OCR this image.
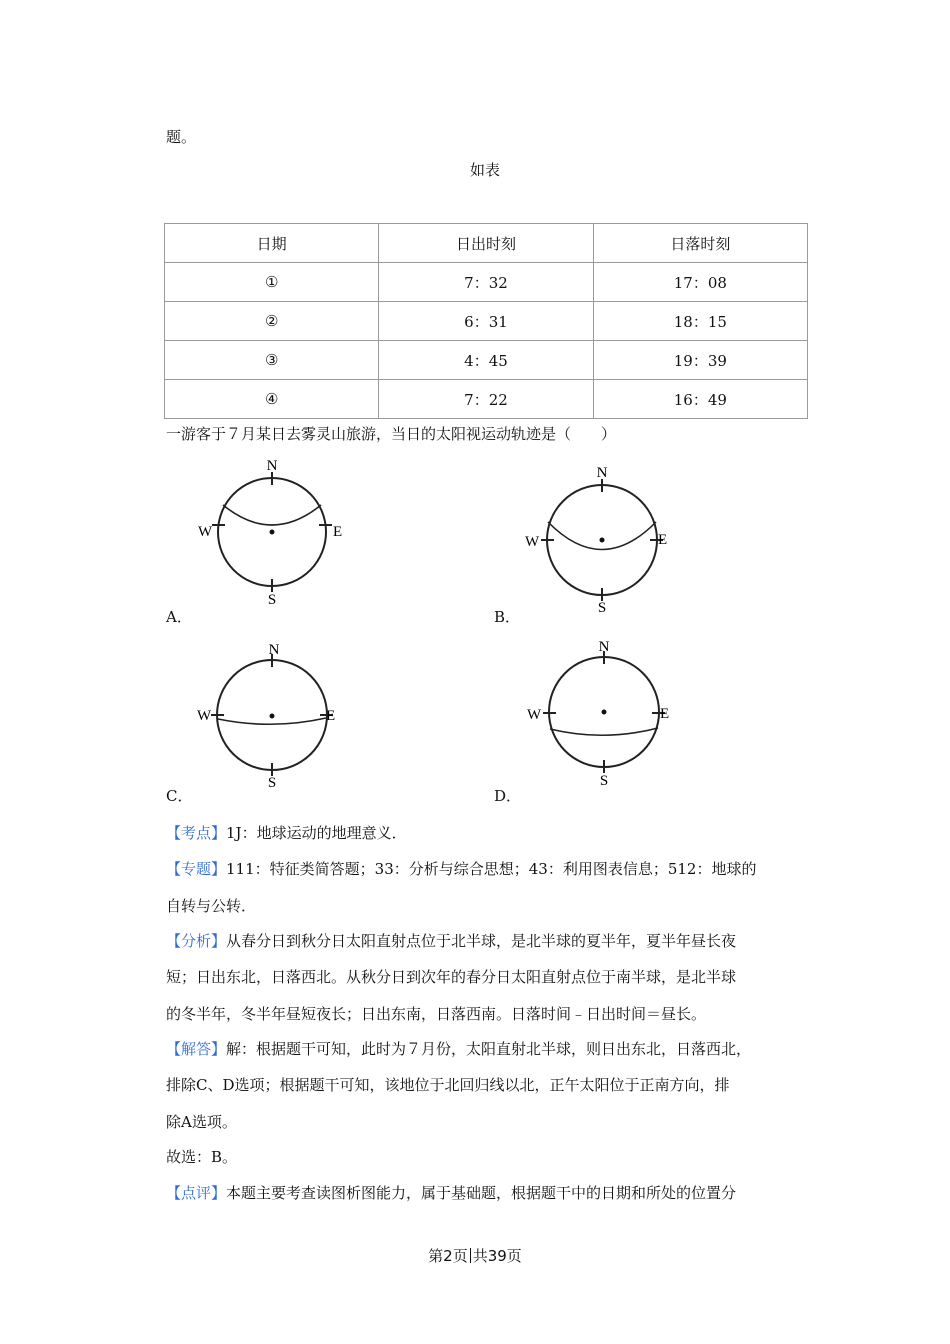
题。
如表
日期	日出时刻	日落时刻
①	7：32	17：08
②	6：31	18：15
③	4：45	19：39
④	7：22	16：49
一游客于７月某日去雾灵山旅游，当日的太阳视运动轨迹是（　　）
N
S
W	E
A．
N
S
W	E
B．
N
S
W	E
C．
N
S
W	E
D．
【考点】1J：地球运动的地理意义．
【专题】111：特征类简答题；33：分析与综合思想；43：利用图表信息；512：地球的
自转与公转．
【分析】从春分日到秋分日太阳直射点位于北半球，是北半球的夏半年，夏半年昼长夜
短；日出东北，日落西北。从秋分日到次年的春分日太阳直射点位于南半球，是北半球
的冬半年，冬半年昼短夜长；日出东南，日落西南。日落时间﹣日出时间＝昼长。
【解答】解：根据题干可知，此时为７月份，太阳直射北半球，则日出东北，日落西北，
排除C、D选项；根据题干可知，该地位于北回归线以北，正午太阳位于正南方向，排
除A选项。
故选：B。
【点评】本题主要考查读图析图能力，属于基础题，根据题干中的日期和所处的位置分
第2页 共39页
